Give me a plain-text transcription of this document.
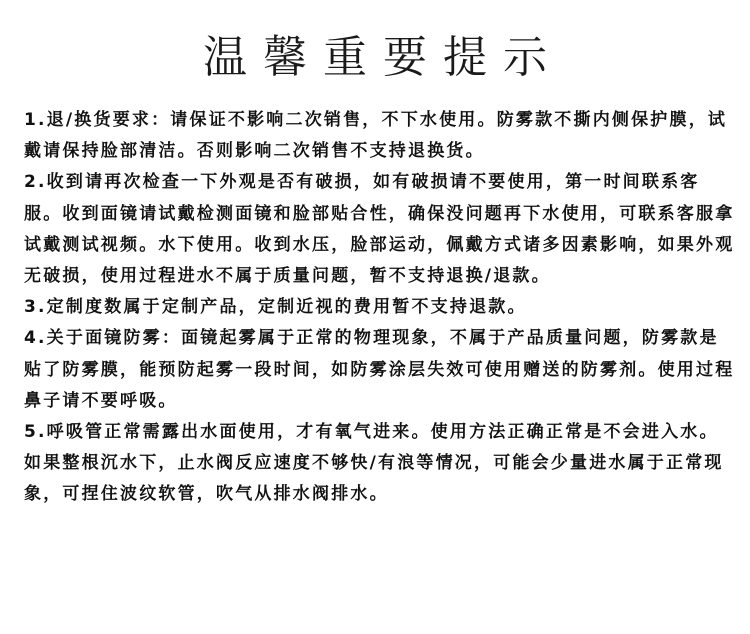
温馨重要提示

1.退/换货要求：请保证不影响二次销售，不下水使用。防雾款不撕内侧保护膜，试戴请保持脸部清洁。否则影响二次销售不支持退换货。

2.收到请再次检查一下外观是否有破损，如有破损请不要使用，第一时间联系客服。收到面镜请试戴检测面镜和脸部贴合性，确保没问题再下水使用，可联系客服拿试戴测试视频。水下使用。收到水压，脸部运动，佩戴方式诸多因素影响，如果外观无破损，使用过程进水不属于质量问题，暂不支持退换/退款。

3.定制度数属于定制产品，定制近视的费用暂不支持退款。

4.关于面镜防雾：面镜起雾属于正常的物理现象，不属于产品质量问题，防雾款是贴了防雾膜，能预防起雾一段时间，如防雾涂层失效可使用赠送的防雾剂。使用过程鼻子请不要呼吸。

5.呼吸管正常需露出水面使用，才有氧气进来。使用方法正确正常是不会进入水。如果整根沉水下，止水阀反应速度不够快/有浪等情况，可能会少量进水属于正常现象，可捏住波纹软管，吹气从排水阀排水。
